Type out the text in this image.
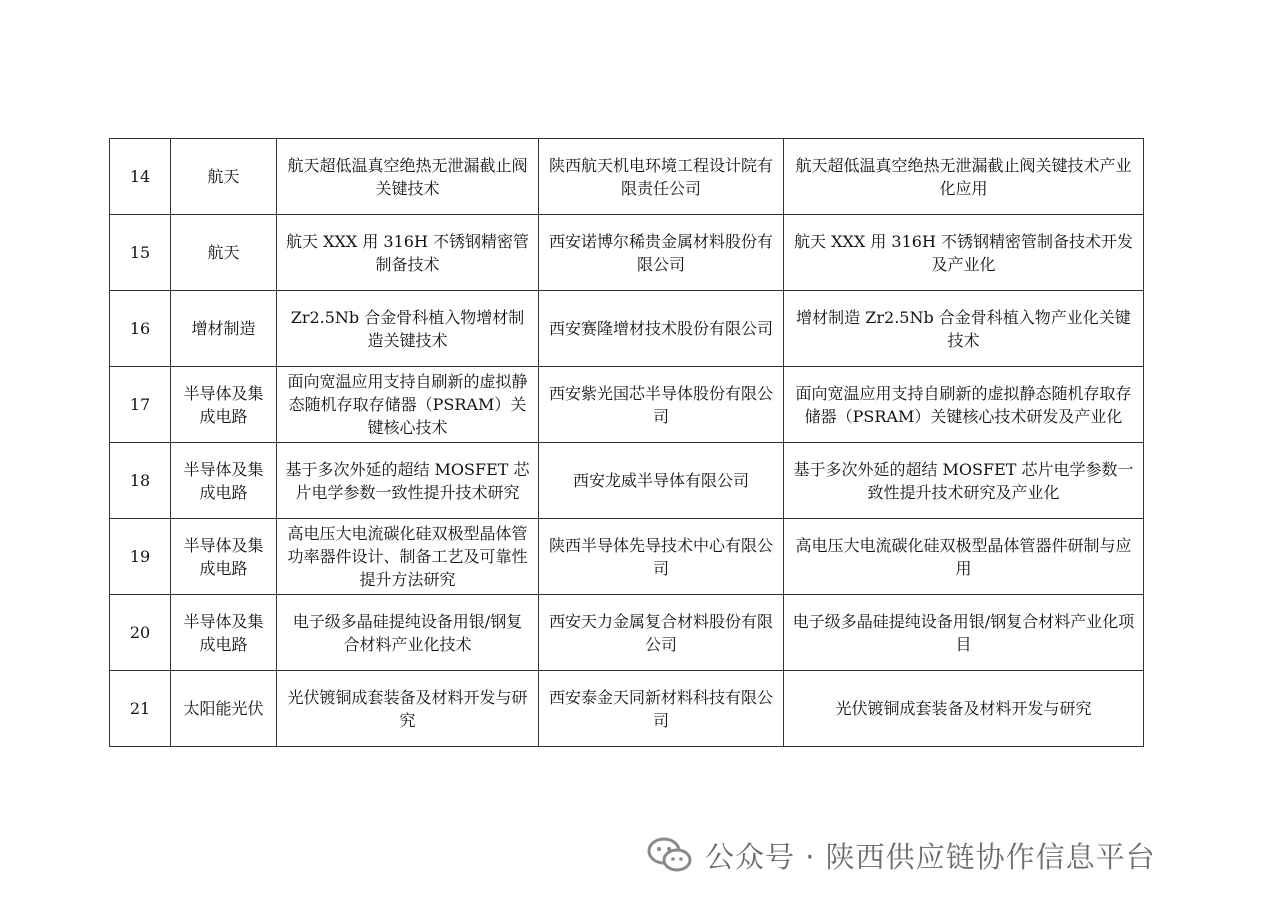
14	航天	航天超低温真空绝热无泄漏截止阀关键技术	陕西航天机电环境工程设计院有限责任公司	航天超低温真空绝热无泄漏截止阀关键技术产业化应用
15	航天	航天 XXX 用 316H 不锈钢精密管制备技术	西安诺博尔稀贵金属材料股份有限公司	航天 XXX 用 316H 不锈钢精密管制备技术开发及产业化
16	增材制造	Zr2.5Nb 合金骨科植入物增材制造关键技术	西安赛隆增材技术股份有限公司	增材制造 Zr2.5Nb 合金骨科植入物产业化关键技术
17	半导体及集成电路	面向宽温应用支持自刷新的虚拟静态随机存取存储器（PSRAM）关键核心技术	西安紫光国芯半导体股份有限公司	面向宽温应用支持自刷新的虚拟静态随机存取存储器（PSRAM）关键核心技术研发及产业化
18	半导体及集成电路	基于多次外延的超结 MOSFET 芯片电学参数一致性提升技术研究	西安龙威半导体有限公司	基于多次外延的超结 MOSFET 芯片电学参数一致性提升技术研究及产业化
19	半导体及集成电路	高电压大电流碳化硅双极型晶体管功率器件设计、制备工艺及可靠性提升方法研究	陕西半导体先导技术中心有限公司	高电压大电流碳化硅双极型晶体管器件研制与应用
20	半导体及集成电路	电子级多晶硅提纯设备用银/钢复合材料产业化技术	西安天力金属复合材料股份有限公司	电子级多晶硅提纯设备用银/钢复合材料产业化项目
21	太阳能光伏	光伏镀铜成套装备及材料开发与研究	西安泰金天同新材料科技有限公司	光伏镀铜成套装备及材料开发与研究
公众号 · 陕西供应链协作信息平台
